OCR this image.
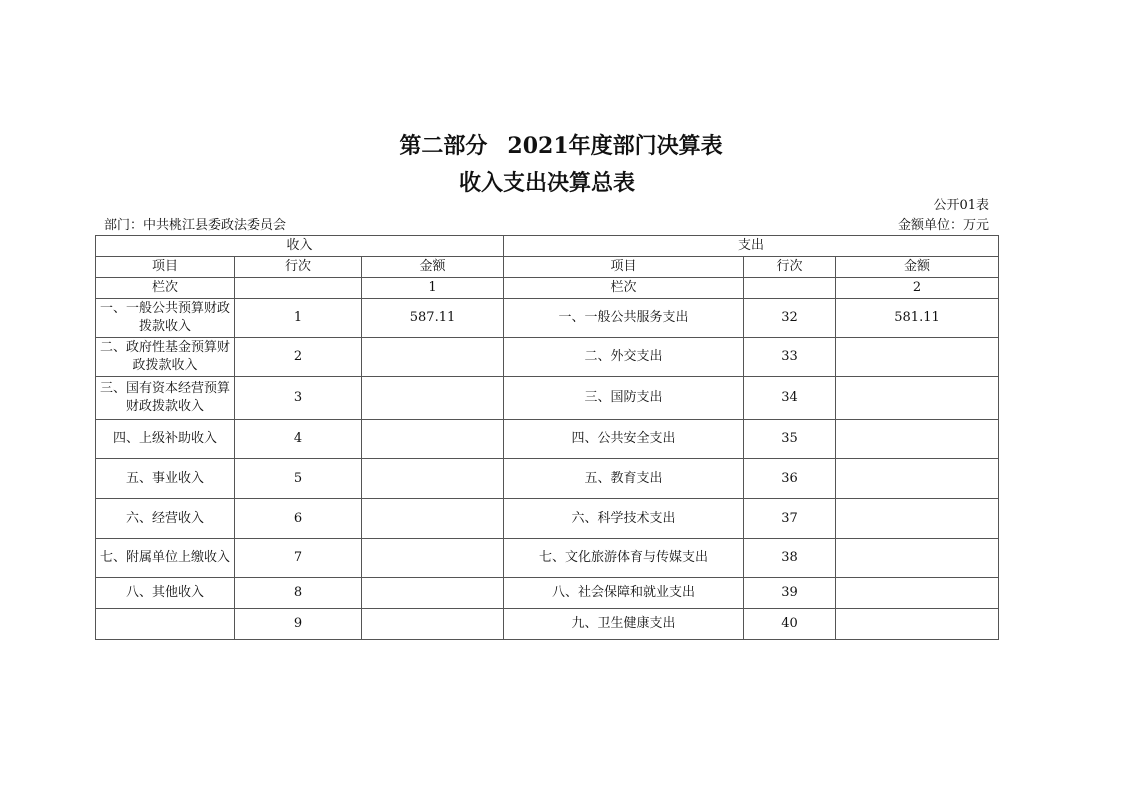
第二部分 2021年度部门决算表
收入支出决算总表
公开01表
部门：中共桃江县委政法委员会	金额单位：万元
收入			支出		
项目	行次	金额	项目	行次	金额
栏次		1	栏次		2
一、一般公共预算财政拨款收入	1	587.11	一、一般公共服务支出	32	581.11
二、政府性基金预算财政拨款收入	2		二、外交支出	33	
三、国有资本经营预算财政拨款收入	3		三、国防支出	34	
四、上级补助收入	4		四、公共安全支出	35	
五、事业收入	5		五、教育支出	36	
六、经营收入	6		六、科学技术支出	37	
七、附属单位上缴收入	7		七、文化旅游体育与传媒支出	38	
八、其他收入	8		八、社会保障和就业支出	39	
	9		九、卫生健康支出	40	
